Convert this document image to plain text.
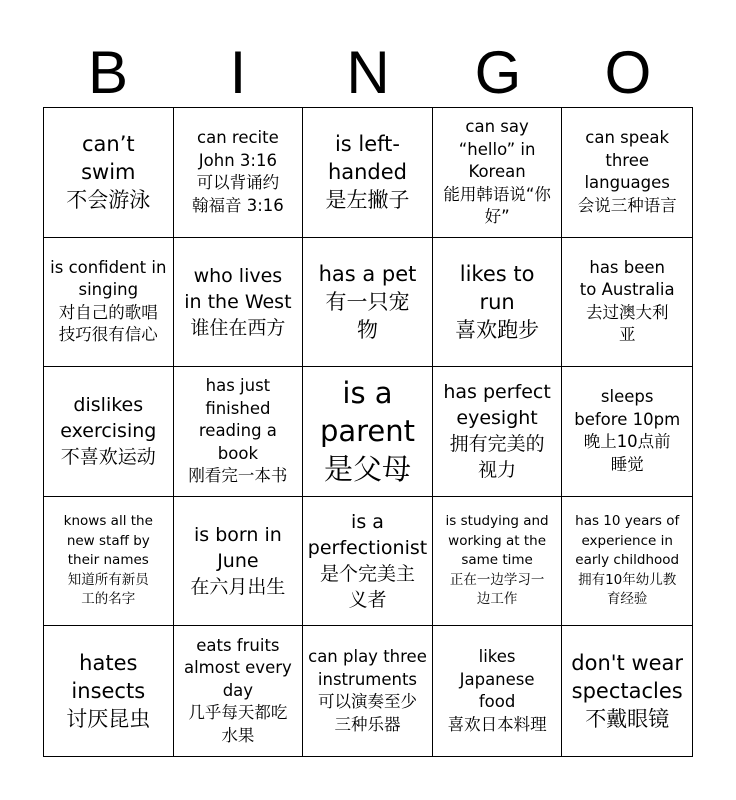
B	I	N	G	O
can’t
swim
不会游泳
can recite
John 3:16
可以背诵约
翰福音 3:16
is left-
handed
是左撇子
can say
“hello” in
Korean
能用韩语说“你
好”
can speak
three
languages
会说三种语言
is confident in
singing
对自己的歌唱
技巧很有信心
who lives
in the West
谁住在西方
has a pet
有一只宠
物
likes to
run
喜欢跑步
has been
to Australia
去过澳大利
亚
dislikes
exercising
不喜欢运动
has just
finished
reading a
book
刚看完一本书
is a
parent
是父母
has perfect
eyesight
拥有完美的
视力
sleeps
before 10pm
晚上10点前
睡觉
knows all the
new staff by
their names
知道所有新员
工的名字
is born in
June
在六月出生
is a
perfectionist
是个完美主
义者
is studying and
working at the
same time
正在一边学习一
边工作
has 10 years of
experience in
early childhood
拥有10年幼儿教
育经验
hates
insects
讨厌昆虫
eats fruits
almost every
day
几乎每天都吃
水果
can play three
instruments
可以演奏至少
三种乐器
likes
Japanese
food
喜欢日本料理
don't wear
spectacles
不戴眼镜
